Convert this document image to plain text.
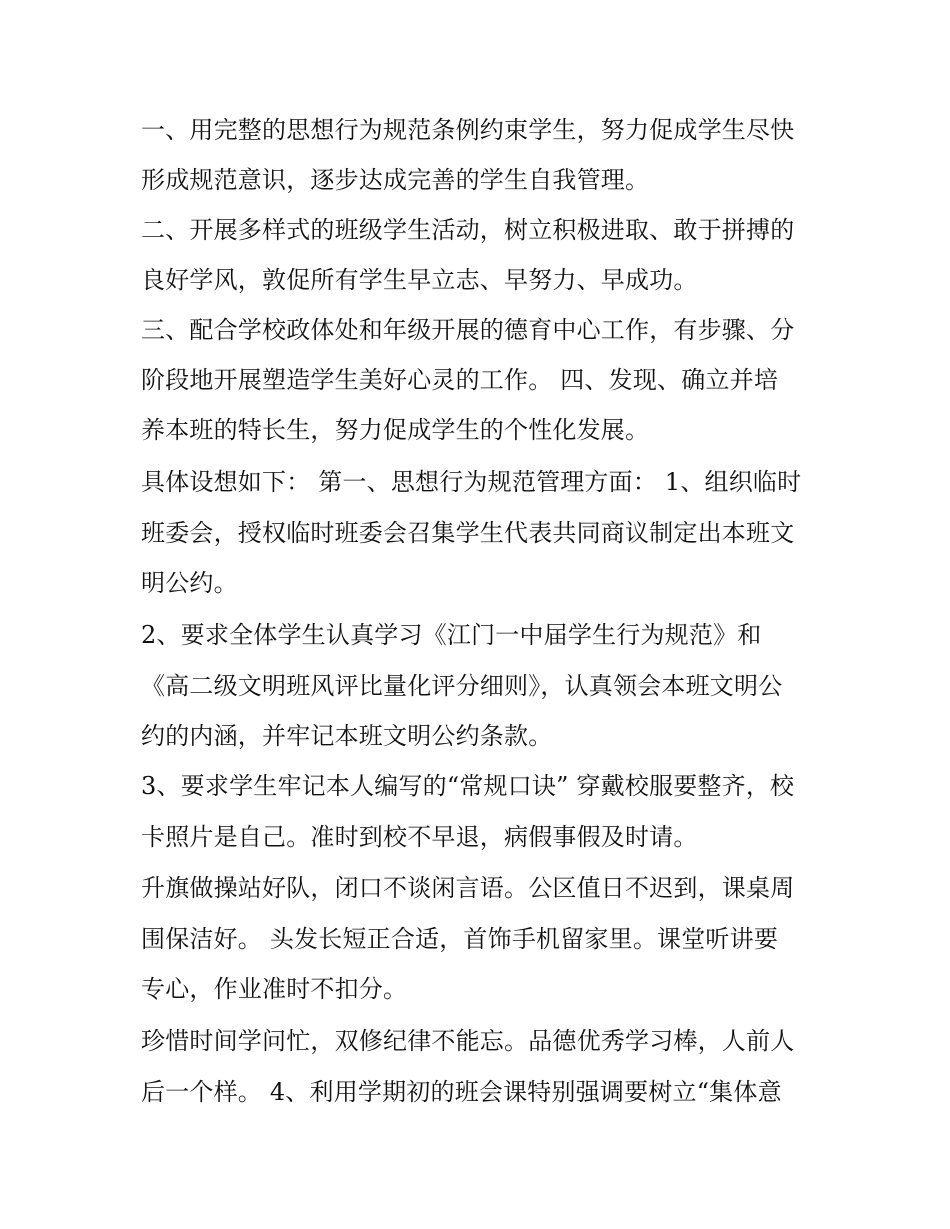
一、用完整的思想行为规范条例约束学生，努力促成学生尽快
形成规范意识，逐步达成完善的学生自我管理。
二、开展多样式的班级学生活动，树立积极进取、敢于拼搏的
良好学风，敦促所有学生早立志、早努力、早成功。
三、配合学校政体处和年级开展的德育中心工作，有步骤、分
阶段地开展塑造学生美好心灵的工作。 四、发现、确立并培
养本班的特长生，努力促成学生的个性化发展。
具体设想如下： 第一、思想行为规范管理方面： 1、组织临时
班委会，授权临时班委会召集学生代表共同商议制定出本班文
明公约。
2、要求全体学生认真学习《江门一中届学生行为规范》和
《高二级文明班风评比量化评分细则》，认真领会本班文明公
约的内涵，并牢记本班文明公约条款。
3、要求学生牢记本人编写的“常规口诀” 穿戴校服要整齐，校
卡照片是自己。准时到校不早退，病假事假及时请。
升旗做操站好队，闭口不谈闲言语。公区值日不迟到，课桌周
围保洁好。 头发长短正合适，首饰手机留家里。课堂听讲要
专心，作业准时不扣分。
珍惜时间学问忙，双修纪律不能忘。品德优秀学习棒，人前人
后一个样。 4、利用学期初的班会课特别强调要树立“集体意
